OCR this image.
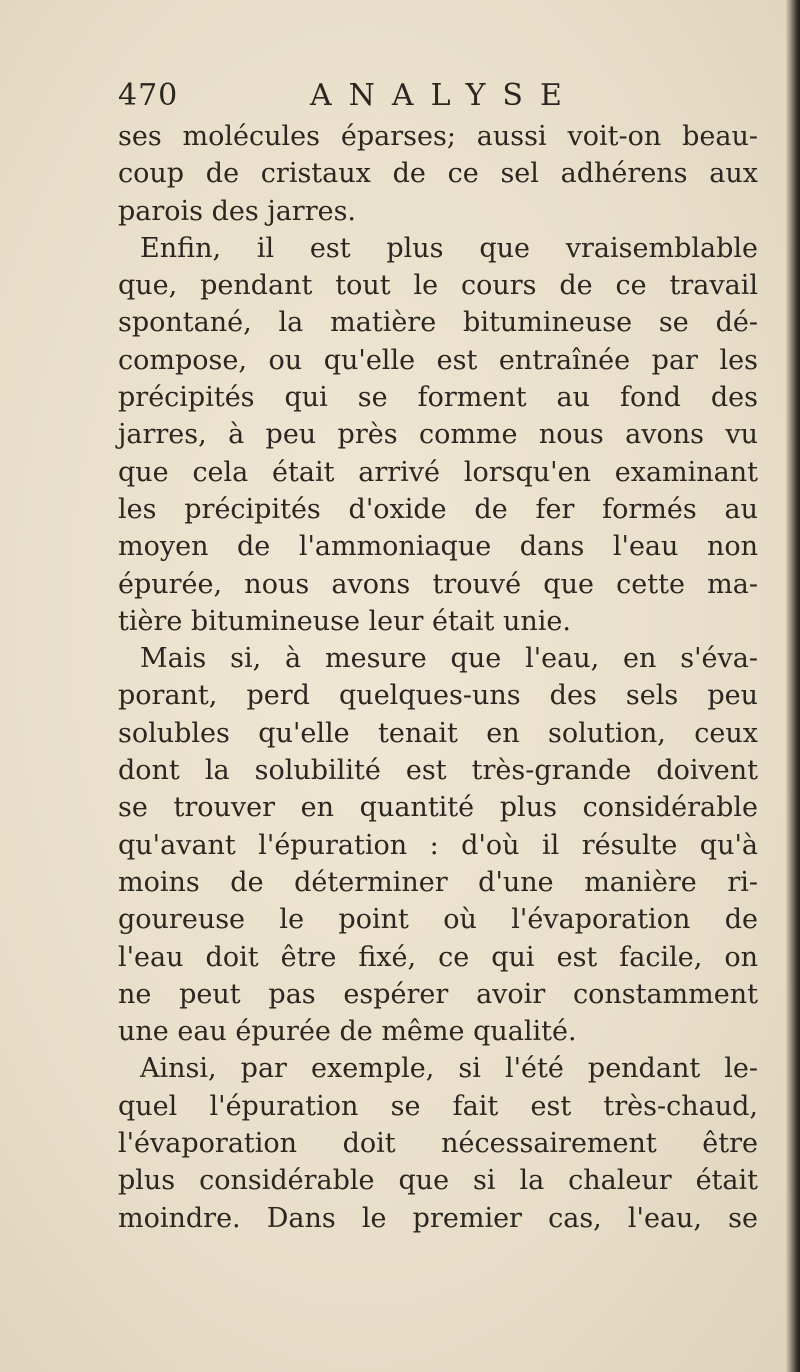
470	ANALYSE
ses molécules éparses; aussi voit-on beau-
coup de cristaux de ce sel adhérens aux
parois des jarres.
Enfin, il est plus que vraisemblable
que, pendant tout le cours de ce travail
spontané, la matière bitumineuse se dé-
compose, ou qu'elle est entraînée par les
précipités qui se forment au fond des
jarres, à peu près comme nous avons vu
que cela était arrivé lorsqu'en examinant
les précipités d'oxide de fer formés au
moyen de l'ammoniaque dans l'eau non
épurée, nous avons trouvé que cette ma-
tière bitumineuse leur était unie.
Mais si, à mesure que l'eau, en s'éva-
porant, perd quelques-uns des sels peu
solubles qu'elle tenait en solution, ceux
dont la solubilité est très-grande doivent
se trouver en quantité plus considérable
qu'avant l'épuration : d'où il résulte qu'à
moins de déterminer d'une manière ri-
goureuse le point où l'évaporation de
l'eau doit être fixé, ce qui est facile, on
ne peut pas espérer avoir constamment
une eau épurée de même qualité.
Ainsi, par exemple, si l'été pendant le-
quel l'épuration se fait est très-chaud,
l'évaporation doit nécessairement être
plus considérable que si la chaleur était
moindre. Dans le premier cas, l'eau, se
